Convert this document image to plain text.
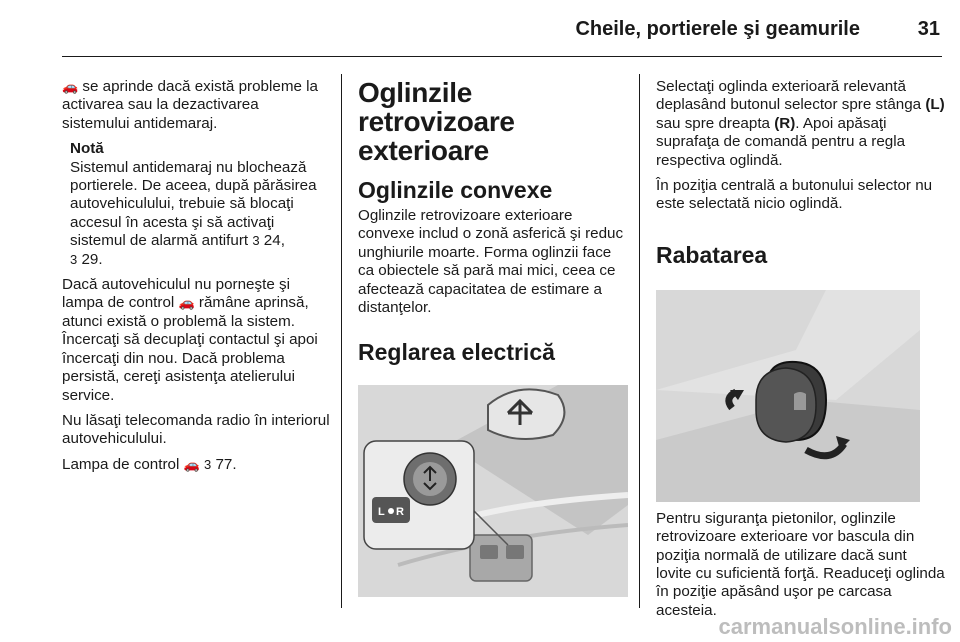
Cheile, portierele şi geamurile	31

🚗 se aprinde dacă există probleme la activarea sau la dezactivarea sistemului antidemaraj.

Notă
Sistemul antidemaraj nu blochează portierele. De aceea, după părăsirea autovehiculului, trebuie să blocaţi accesul în acesta şi să activaţi sistemul de alarmă antifurt 3 24,
3 29.

Dacă autovehiculul nu porneşte şi lampa de control 🚗 rămâne aprinsă, atunci există o problemă la sistem. Încercaţi să decuplaţi contactul şi apoi încercaţi din nou. Dacă problema persistă, cereţi asistenţa atelierului service.

Nu lăsaţi telecomanda radio în interiorul autovehiculului.

Lampa de control 🚗 3 77.

Oglinzile retrovizoare exterioare
Oglinzile convexe

Oglinzile retrovizoare exterioare convexe includ o zonă asferică şi reduc unghiurile moarte. Forma oglinzii face ca obiectele să pară mai mici, ceea ce afectează capacitatea de estimare a distanţelor.

Reglarea electrică
L R

Selectaţi oglinda exterioară relevantă deplasând butonul selector spre stânga (L) sau spre dreapta (R). Apoi apăsaţi suprafaţa de comandă pentru a regla respectiva oglindă.

În poziţia centrală a butonului selector nu este selectată nicio oglindă.

Rabatarea

Pentru siguranţa pietonilor, oglinzile retrovizoare exterioare vor bascula din poziţia normală de utilizare dacă sunt lovite cu suficientă forţă. Readuceţi oglinda în poziţie apăsând uşor pe carcasa acesteia.

carmanualsonline.info
